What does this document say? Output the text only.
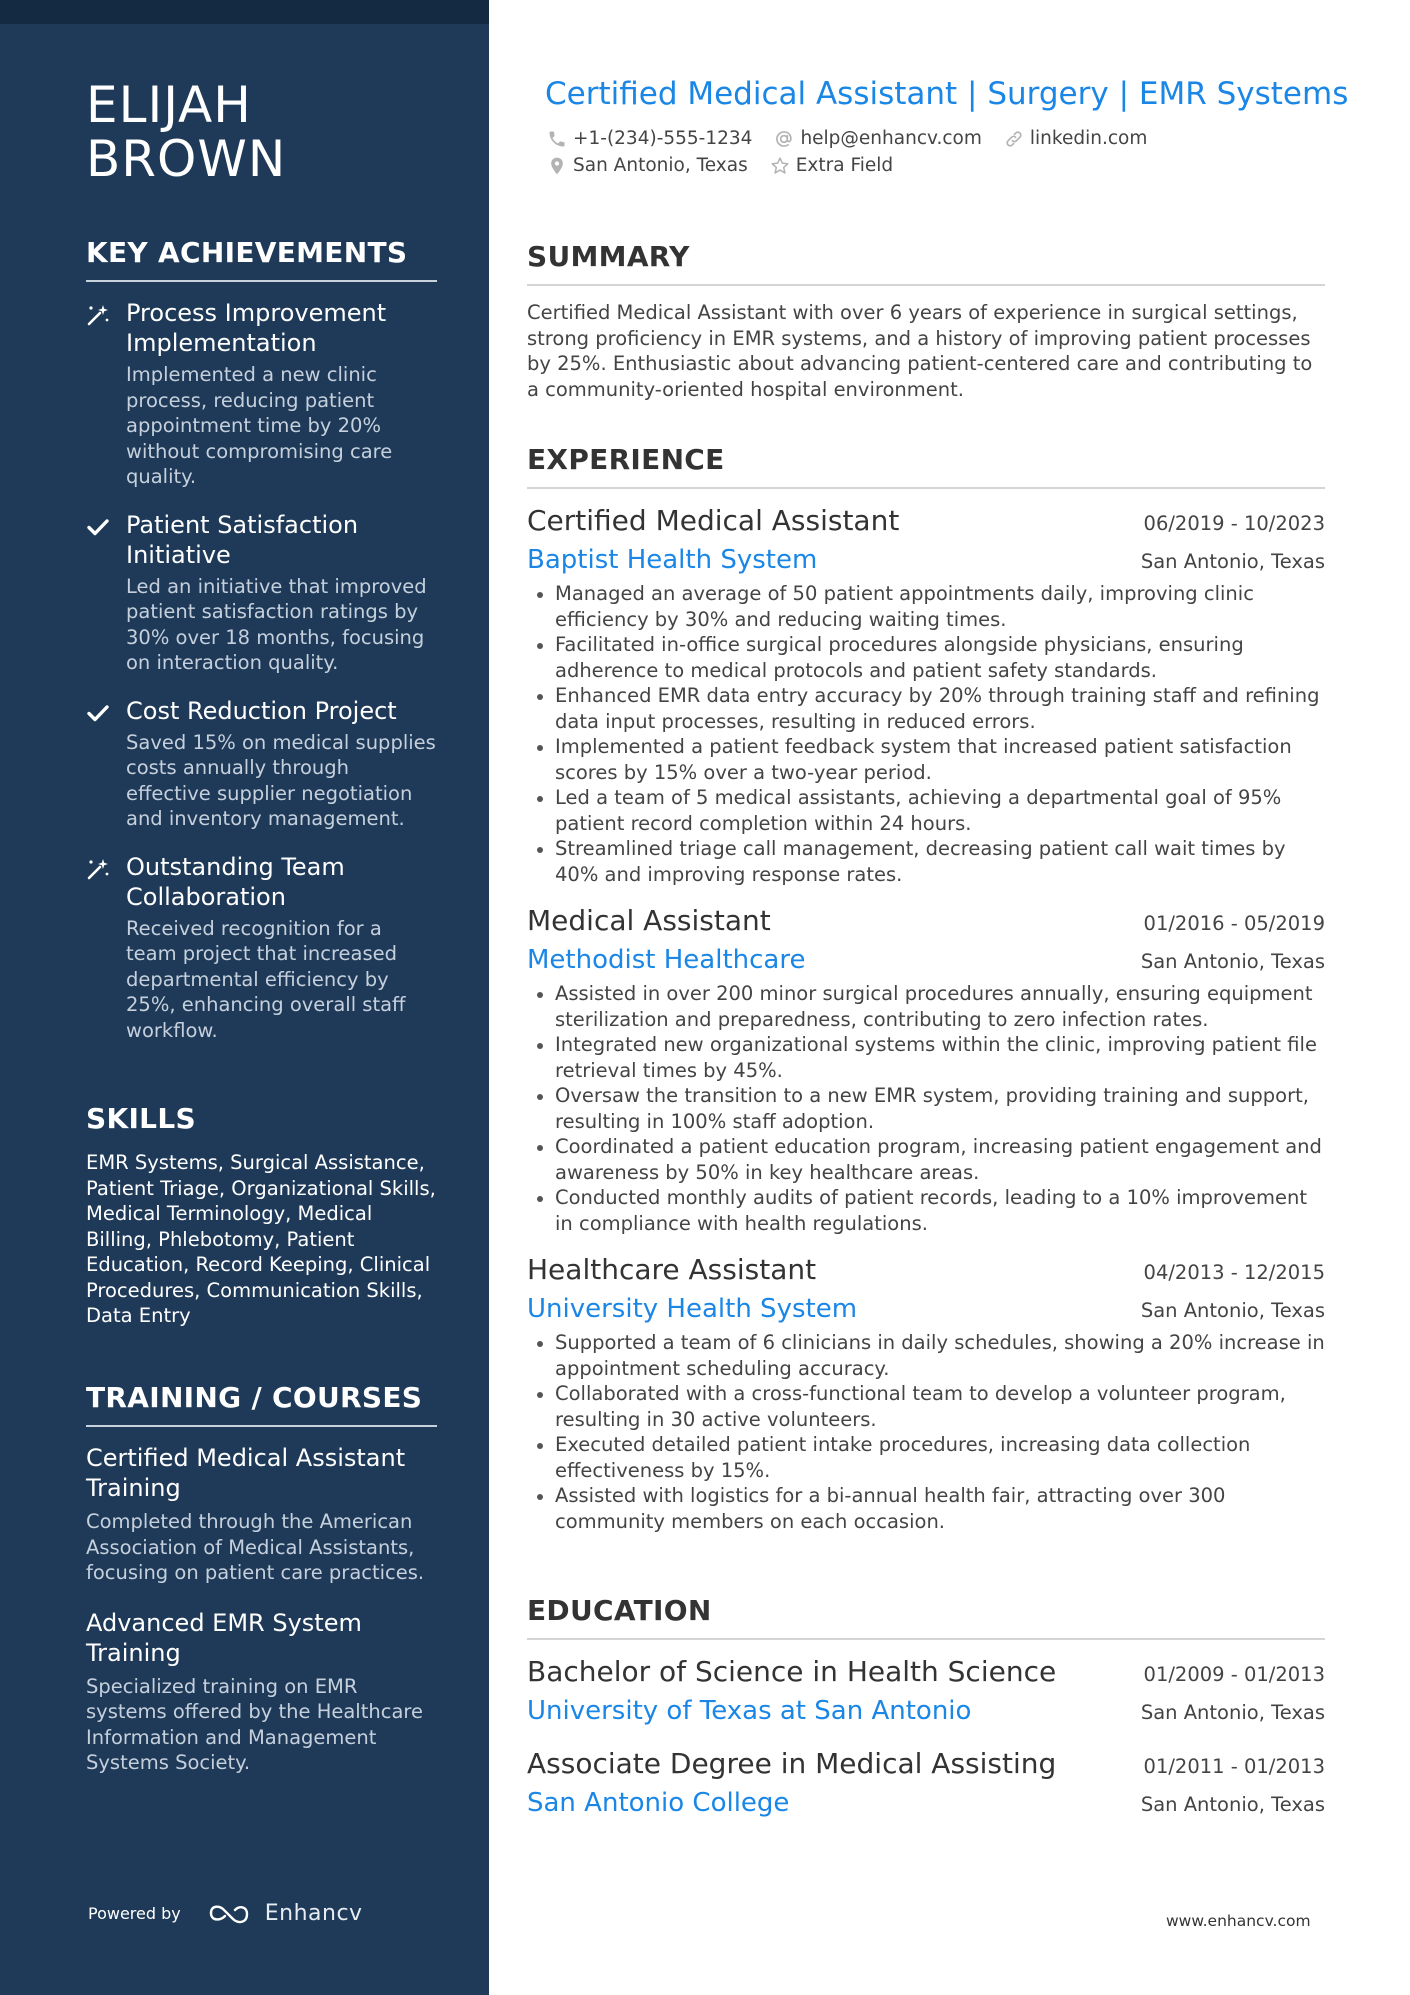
ELIJAH
BROWN
KEY ACHIEVEMENTS
Process Improvement Implementation
Implemented a new clinic process, reducing patient appointment time by 20% without compromising care quality.
Patient Satisfaction Initiative
Led an initiative that improved patient satisfaction ratings by 30% over 18 months, focusing on interaction quality.
Cost Reduction Project
Saved 15% on medical supplies costs annually through effective supplier negotiation and inventory management.
Outstanding Team Collaboration
Received recognition for a team project that increased departmental efficiency by 25%, enhancing overall staff workflow.
SKILLS
EMR Systems, Surgical Assistance, Patient Triage, Organizational Skills, Medical Terminology, Medical Billing, Phlebotomy, Patient Education, Record Keeping, Clinical Procedures, Communication Skills, Data Entry
TRAINING / COURSES
Certified Medical Assistant Training
Completed through the American Association of Medical Assistants, focusing on patient care practices.
Advanced EMR System Training
Specialized training on EMR systems offered by the Healthcare Information and Management Systems Society.
Powered by	Enhancv
Certified Medical Assistant | Surgery | EMR Systems
+1-(234)-555-1234	help@enhancv.com	linkedin.com
San Antonio, Texas	Extra Field
SUMMARY

Certified Medical Assistant with over 6 years of experience in surgical settings, strong proficiency in EMR systems, and a history of improving patient processes by 25%. Enthusiastic about advancing patient-centered care and contributing to a community-oriented hospital environment.

EXPERIENCE
Certified Medical Assistant	06/2019 - 10/2023
Baptist Health System	San Antonio, Texas
Managed an average of 50 patient appointments daily, improving clinic efficiency by 30% and reducing waiting times.
Facilitated in-office surgical procedures alongside physicians, ensuring adherence to medical protocols and patient safety standards.
Enhanced EMR data entry accuracy by 20% through training staff and refining data input processes, resulting in reduced errors.
Implemented a patient feedback system that increased patient satisfaction scores by 15% over a two-year period.
Led a team of 5 medical assistants, achieving a departmental goal of 95% patient record completion within 24 hours.
Streamlined triage call management, decreasing patient call wait times by 40% and improving response rates.
Medical Assistant	01/2016 - 05/2019
Methodist Healthcare	San Antonio, Texas
Assisted in over 200 minor surgical procedures annually, ensuring equipment sterilization and preparedness, contributing to zero infection rates.
Integrated new organizational systems within the clinic, improving patient file retrieval times by 45%.
Oversaw the transition to a new EMR system, providing training and support, resulting in 100% staff adoption.
Coordinated a patient education program, increasing patient engagement and awareness by 50% in key healthcare areas.
Conducted monthly audits of patient records, leading to a 10% improvement in compliance with health regulations.
Healthcare Assistant	04/2013 - 12/2015
University Health System	San Antonio, Texas
Supported a team of 6 clinicians in daily schedules, showing a 20% increase in appointment scheduling accuracy.
Collaborated with a cross-functional team to develop a volunteer program, resulting in 30 active volunteers.
Executed detailed patient intake procedures, increasing data collection effectiveness by 15%.
Assisted with logistics for a bi-annual health fair, attracting over 300 community members on each occasion.
EDUCATION
Bachelor of Science in Health Science	01/2009 - 01/2013
University of Texas at San Antonio	San Antonio, Texas
Associate Degree in Medical Assisting	01/2011 - 01/2013
San Antonio College	San Antonio, Texas
www.enhancv.com
